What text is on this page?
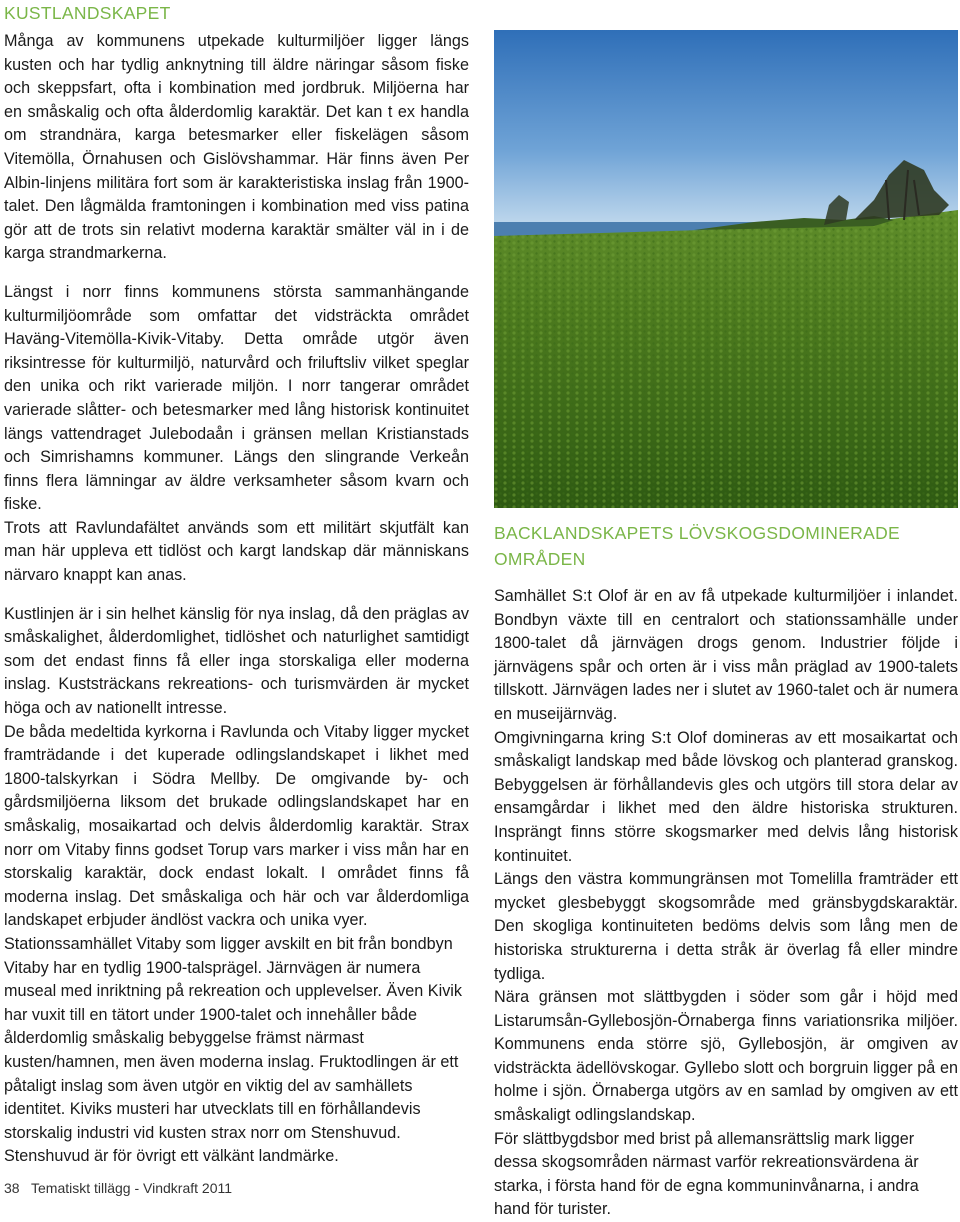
KUSTLANDSKAPET

Många av kommunens utpekade kulturmiljöer ligger längs kusten och har tydlig anknytning till äldre näringar såsom fiske och skeppsfart, ofta i kombination med jordbruk. Miljöerna har en småskalig och ofta ålderdomlig karaktär. Det kan t ex handla om strandnära, karga betesmarker eller fiskelägen såsom Vitemölla, Örnahusen och Gislövshammar. Här finns även Per Albin-linjens militära fort som är karakteristiska inslag från 1900-talet. Den lågmälda framtoningen i kombination med viss patina gör att de trots sin relativt moderna karaktär smälter väl in i de karga strandmarkerna.

Längst i norr finns kommunens största sammanhängande kulturmiljöområde som omfattar det vidsträckta området Haväng-Vitemölla-Kivik-Vitaby. Detta område utgör även riksintresse för kulturmiljö, naturvård och friluftsliv vilket speglar den unika och rikt varierade miljön. I norr tangerar området varierade slåtter- och betesmarker med lång historisk kontinuitet längs vattendraget Julebodaån i gränsen mellan Kristianstads och Simrishamns kommuner. Längs den slingrande Verkeån finns flera lämningar av äldre verksamheter såsom kvarn och fiske.

Trots att Ravlundafältet används som ett militärt skjutfält kan man här uppleva ett tidlöst och kargt landskap där människans närvaro knappt kan anas.

Kustlinjen är i sin helhet känslig för nya inslag, då den präglas av småskalighet, ålderdomlighet, tidlöshet och naturlighet samtidigt som det endast finns få eller inga storskaliga eller moderna inslag. Kuststräckans rekreations- och turismvärden är mycket höga och av nationellt intresse.

De båda medeltida kyrkorna i Ravlunda och Vitaby ligger mycket framträdande i det kuperade odlingslandskapet i likhet med 1800-talskyrkan i Södra Mellby. De omgivande by- och gårdsmiljöerna liksom det brukade odlingslandskapet har en småskalig, mosaikartad och delvis ålderdomlig karaktär. Strax norr om Vitaby finns godset Torup vars marker i viss mån har en storskalig karaktär, dock endast lokalt. I området finns få moderna inslag. Det småskaliga och här och var ålderdomliga landskapet erbjuder ändlöst vackra och unika vyer.

Stationssamhället Vitaby som ligger avskilt en bit från bondbyn Vitaby har en tydlig 1900-talsprägel. Järnvägen är numera museal med inriktning på rekreation och upplevelser. Även Kivik har vuxit till en tätort under 1900-talet och innehåller både ålderdomlig småskalig bebyggelse främst närmast kusten/hamnen, men även moderna inslag. Fruktodlingen är ett påtaligt inslag som även utgör en viktig del av samhällets identitet. Kiviks musteri har utvecklats till en förhållandevis storskalig industri vid kusten strax norr om Stenshuvud. Stenshuvud är för övrigt ett välkänt landmärke.

BACKLANDSKAPETS LÖVSKOGSDOMINERADE OMRÅDEN

Samhället S:t Olof är en av få utpekade kulturmiljöer i inlandet. Bondbyn växte till en centralort och stationssamhälle under 1800-talet då järnvägen drogs genom. Industrier följde i järnvägens spår och orten är i viss mån präglad av 1900-talets tillskott. Järnvägen lades ner i slutet av 1960-talet och är numera en museijärnväg.

Omgivningarna kring S:t Olof domineras av ett mosaikartat och småskaligt landskap med både lövskog och planterad granskog. Bebyggelsen är förhållandevis gles och utgörs till stora delar av ensamgårdar i likhet med den äldre historiska strukturen. Insprängt finns större skogsmarker med delvis lång historisk kontinuitet.

Längs den västra kommungränsen mot Tomelilla framträder ett mycket glesbebyggt skogsområde med gränsbygdskaraktär. Den skogliga kontinuiteten bedöms delvis som lång men de historiska strukturerna i detta stråk är överlag få eller mindre tydliga.

Nära gränsen mot slättbygden i söder som går i höjd med Listarumsån-Gyllebosjön-Örnaberga finns variationsrika miljöer. Kommunens enda större sjö, Gyllebosjön, är omgiven av vidsträckta ädellövskogar. Gyllebo slott och borgruin ligger på en holme i sjön. Örnaberga utgörs av en samlad by omgiven av ett småskaligt odlingslandskap.

För slättbygdsbor med brist på allemansrättslig mark ligger dessa skogsområden närmast varför rekreationsvärdena är starka, i första hand för de egna kommuninvånarna, i andra hand för turister.

38 Tematiskt tillägg - Vindkraft 2011
